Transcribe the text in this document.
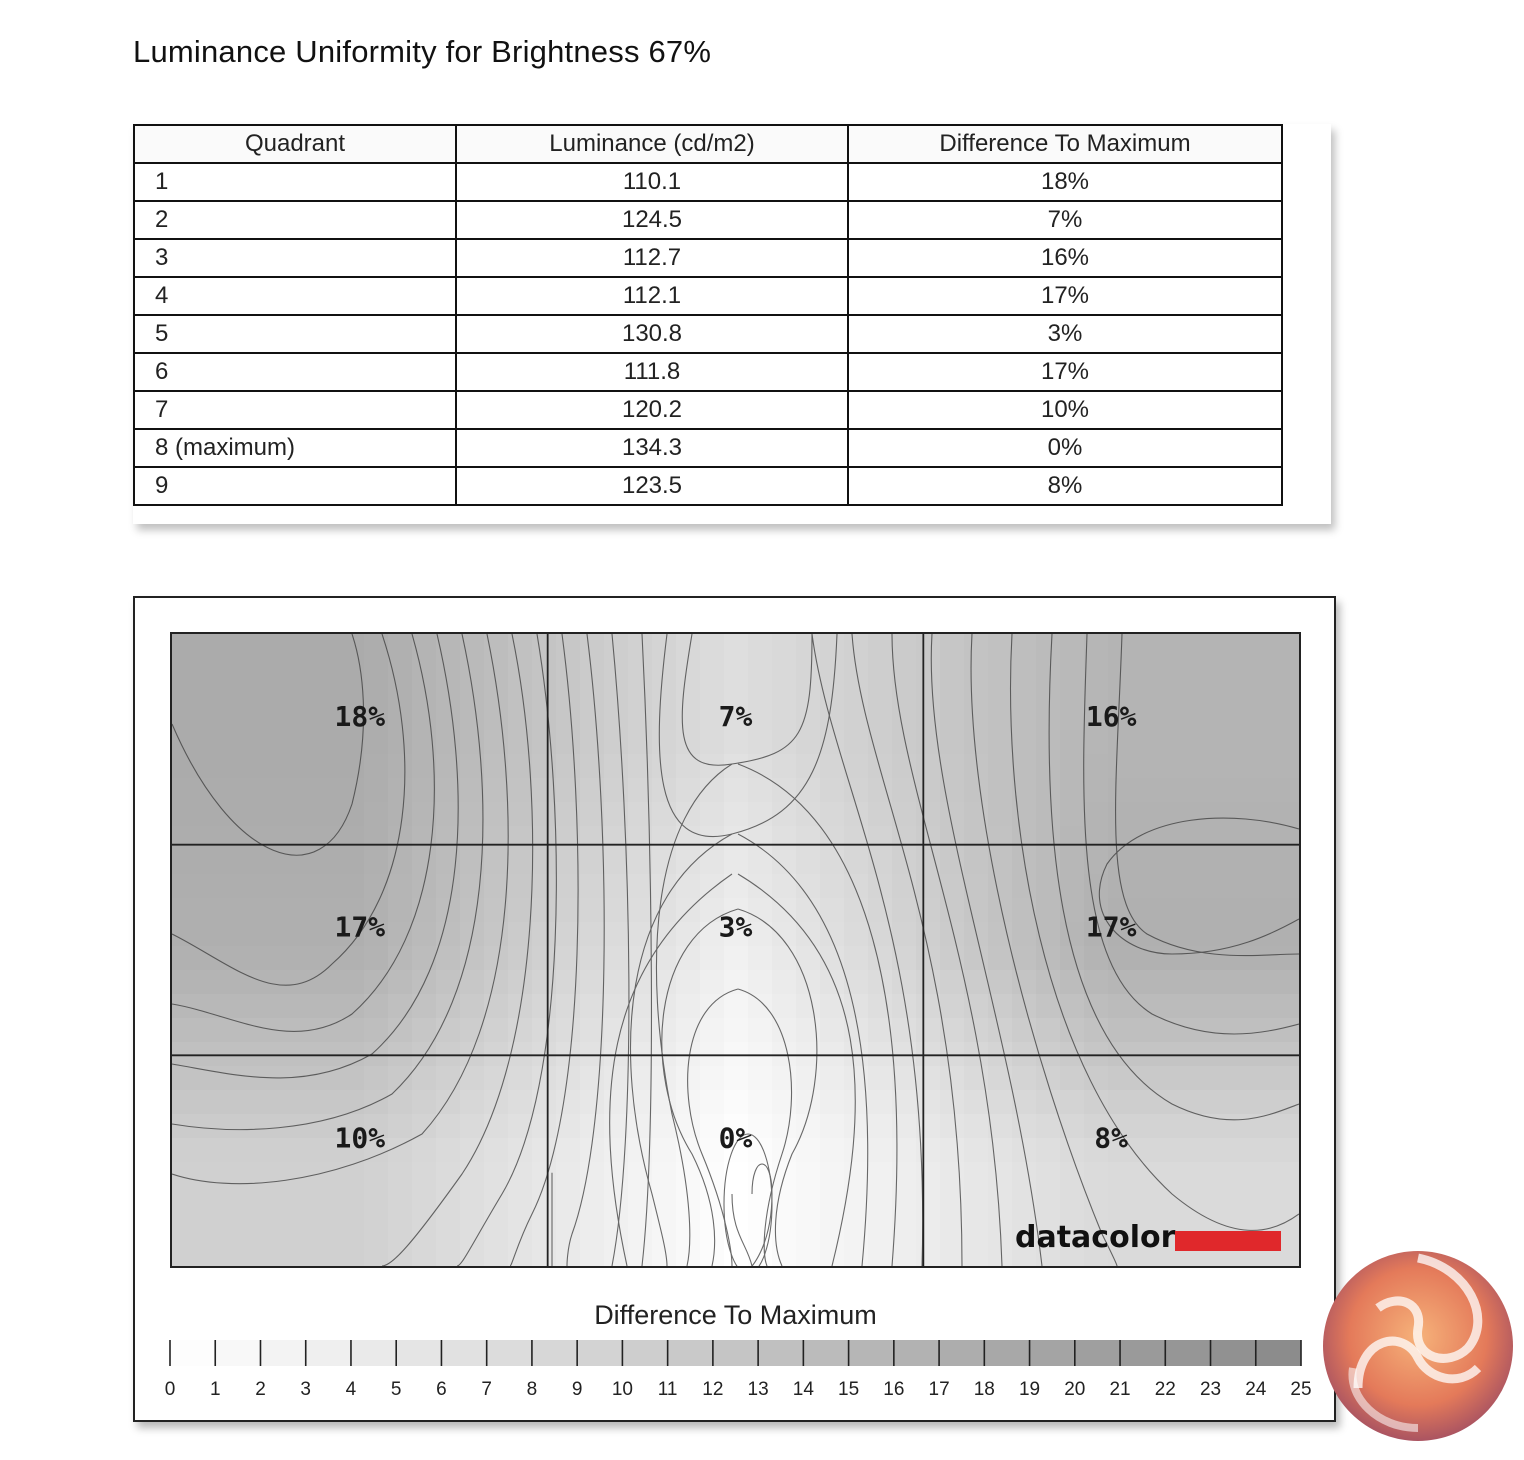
Luminance Uniformity for Brightness 67%
Quadrant	Luminance (cd/m2)	Difference To Maximum
1	110.1	18%
2	124.5	7%
3	112.7	16%
4	112.1	17%
5	130.8	3%
6	111.8	17%
7	120.2	10%
8 (maximum)	134.3	0%
9	123.5	8%
18%	7%	16%
17%	3%	17%
10%	0%	8%
datacolor
Difference To Maximum
0 1 2 3 4 5 6 7 8 9 10 11 12 13 14 15 16 17 18 19 20 21 22 23 24 25
